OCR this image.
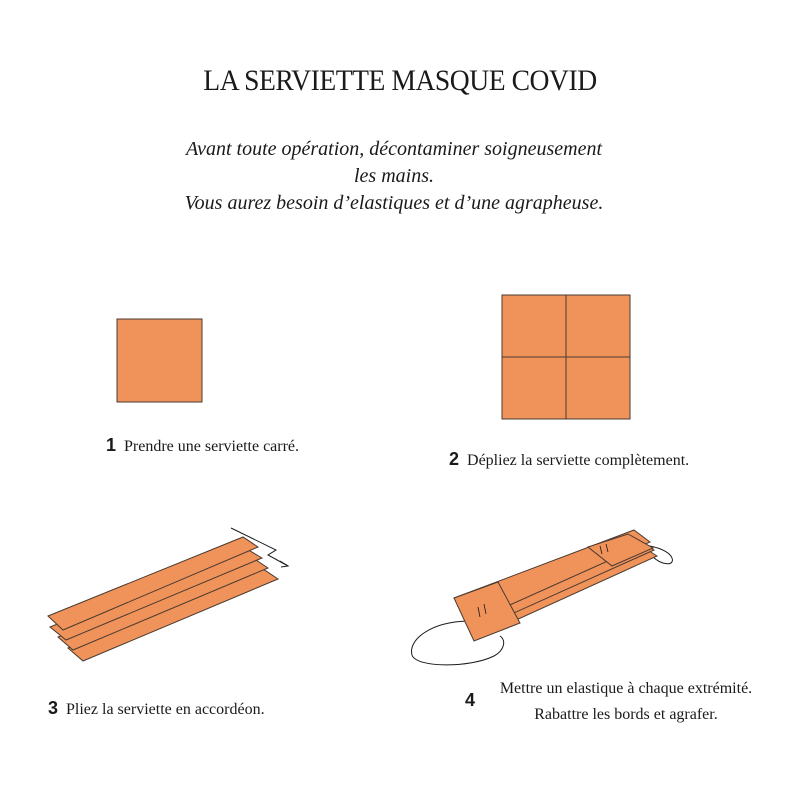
LA SERVIETTE MASQUE COVID
Avant toute opération, décontaminer soigneusement
les mains.
Vous aurez besoin d’elastiques et d’une agrapheuse.
1 Prendre une serviette carré.
2 Dépliez la serviette complètement.
3 Pliez la serviette en accordéon.	4
Mettre un elastique à chaque extrémité.
Rabattre les bords et agrafer.
